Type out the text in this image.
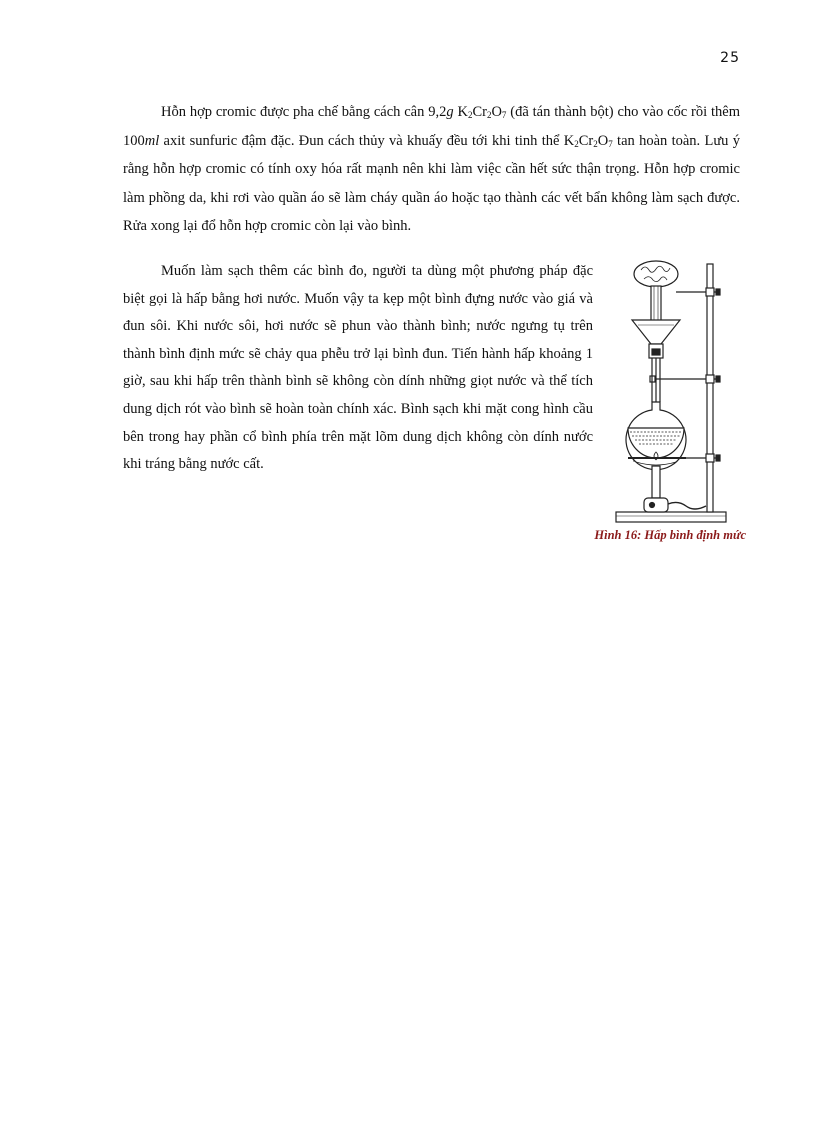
25

Hỗn hợp cromic được pha chế bằng cách cân 9,2g $K_2Cr_2O_7$ (đã tán thành bột) cho vào cốc rồi thêm 100ml axit sunfuric đậm đặc. Đun cách thủy và khuấy đều tới khi tinh thể $K_2Cr_2O_7$ tan hoàn toàn. Lưu ý rằng hỗn hợp cromic có tính oxy hóa rất mạnh nên khi làm việc cần hết sức thận trọng. Hỗn hợp cromic làm phồng da, khi rơi vào quần áo sẽ làm cháy quần áo hoặc tạo thành các vết bẩn không làm sạch được. Rửa xong lại đổ hỗn hợp cromic còn lại vào bình.

Muốn làm sạch thêm các bình đo, người ta dùng một phương pháp đặc biệt gọi là hấp bằng hơi nước. Muốn vậy ta kẹp một bình đựng nước vào giá và đun sôi. Khi nước sôi, hơi nước sẽ phun vào thành bình; nước ngưng tụ trên thành bình định mức sẽ chảy qua phễu trở lại bình đun. Tiến hành hấp khoảng 1 giờ, sau khi hấp trên thành bình sẽ không còn dính những giọt nước và thể tích dung dịch rót vào bình sẽ hoàn toàn chính xác. Bình sạch khi mặt cong hình cầu bên trong hay phần cổ bình phía trên mặt lõm dung dịch không còn dính nước khi tráng bằng nước cất.

Hình 16: Hấp bình định mức
